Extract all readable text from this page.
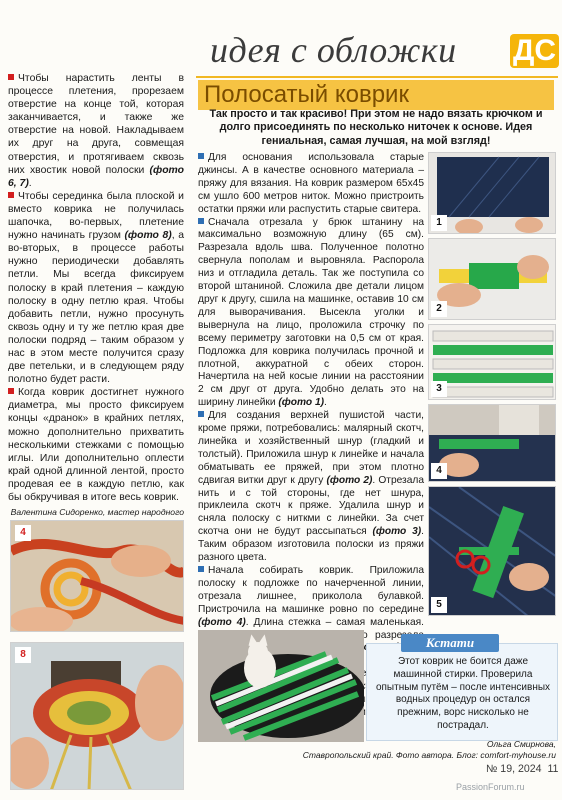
идея с обложки ДС

Чтобы нарастить ленты в процессе плетения, прорезаем отверстие на конце той, которая заканчивается, и также же отверстие на новой. Накладываем их друг на друга, совмещая отверстия, и протягиваем сквозь них хвостик новой полоски (фото 6, 7).

Чтобы серединка была плоской и вместо коврика не получилась шапочка, во-первых, плетение нужно начинать грузом (фото 8), а во-вторых, в процессе работы нужно периодически добавлять петли. Мы всегда фиксируем полоску в край плетения – каждую полоску в одну петлю края. Чтобы добавить петли, нужно просунуть сквозь одну и ту же петлю края две полоски подряд – таким образом у нас в этом месте получится сразу две петельки, и в следующем ряду полотно будет расти.

Когда коврик достигнет нужного диаметра, мы просто фиксируем концы «дранок» в крайних петлях, можно дополнительно прихватить несколькими стежками с помощью иглы. Или дополнительно оплести край одной длинной лентой, просто продевая ее в каждую петлю, как бы обкручивая в итоге весь коврик.

Валентина Сидоренко, мастер народного
4
8
Полосатый коврик
Так просто и так красиво! При этом не надо вязать крючком и долго присоединять по несколько ниточек к основе. Идея гениальная, самая лучшая, на мой взгляд!

Для основания использовала старые джинсы. А в качестве основного материала – пряжу для вязания. На коврик размером 65х45 см ушло 600 метров ниток. Можно пристроить остатки пряжи или распустить старые свитера.

Сначала отрезала у брюк штанину на максимально возможную длину (65 см). Разрезала вдоль шва. Полученное полотно свернула пополам и выровняла. Распорола низ и отгладила деталь. Так же поступила со второй штаниной. Сложила две детали лицом друг к другу, сшила на машинке, оставив 10 см для выворачивания. Высекла уголки и вывернула на лицо, проложила строчку по всему периметру заготовки на 0,5 см от края. Подложка для коврика получилась прочной и плотной, аккуратной с обеих сторон. Начертила на ней косые линии на расстоянии 2 см друг от друга. Удобно делать это на ширину линейки (фото 1).

Для создания верхней пушистой части, кроме пряжи, потребовались: малярный скотч, линейка и хозяйственный шнур (гладкий и толстый). Приложила шнур к линейке и начала обматывать ее пряжей, при этом плотно сдвигая витки друг к другу (фото 2). Отрезала нить и с той стороны, где нет шнура, приклеила скотч к пряже. Удалила шнур и сняла полоску с ниткми с линейки. За счет скотча они не будут рассыпаться (фото 3). Таким образом изготовила полоски из пряжи разного цвета.

Начала собирать коврик. Приложила полоску к подложке по начерченной линии, отрезала лишнее, приколола булавкой. Пристрочила на машинке ровно по середине (фото 4). Длина стежка – самая маленькая. разрезала

1
2
3
4
5
Кстати
Этот коврик не боится даже машинной стирки. Проверила опытным путём – после интенсивных водных процедур он остался прежним, ворс нисколько не пострадал.
Ольга Смирнова,
Ставропольский край. Фото автора. Блог: comfort-myhouse.ru
№ 19, 2024 11
PassionForum.ru
